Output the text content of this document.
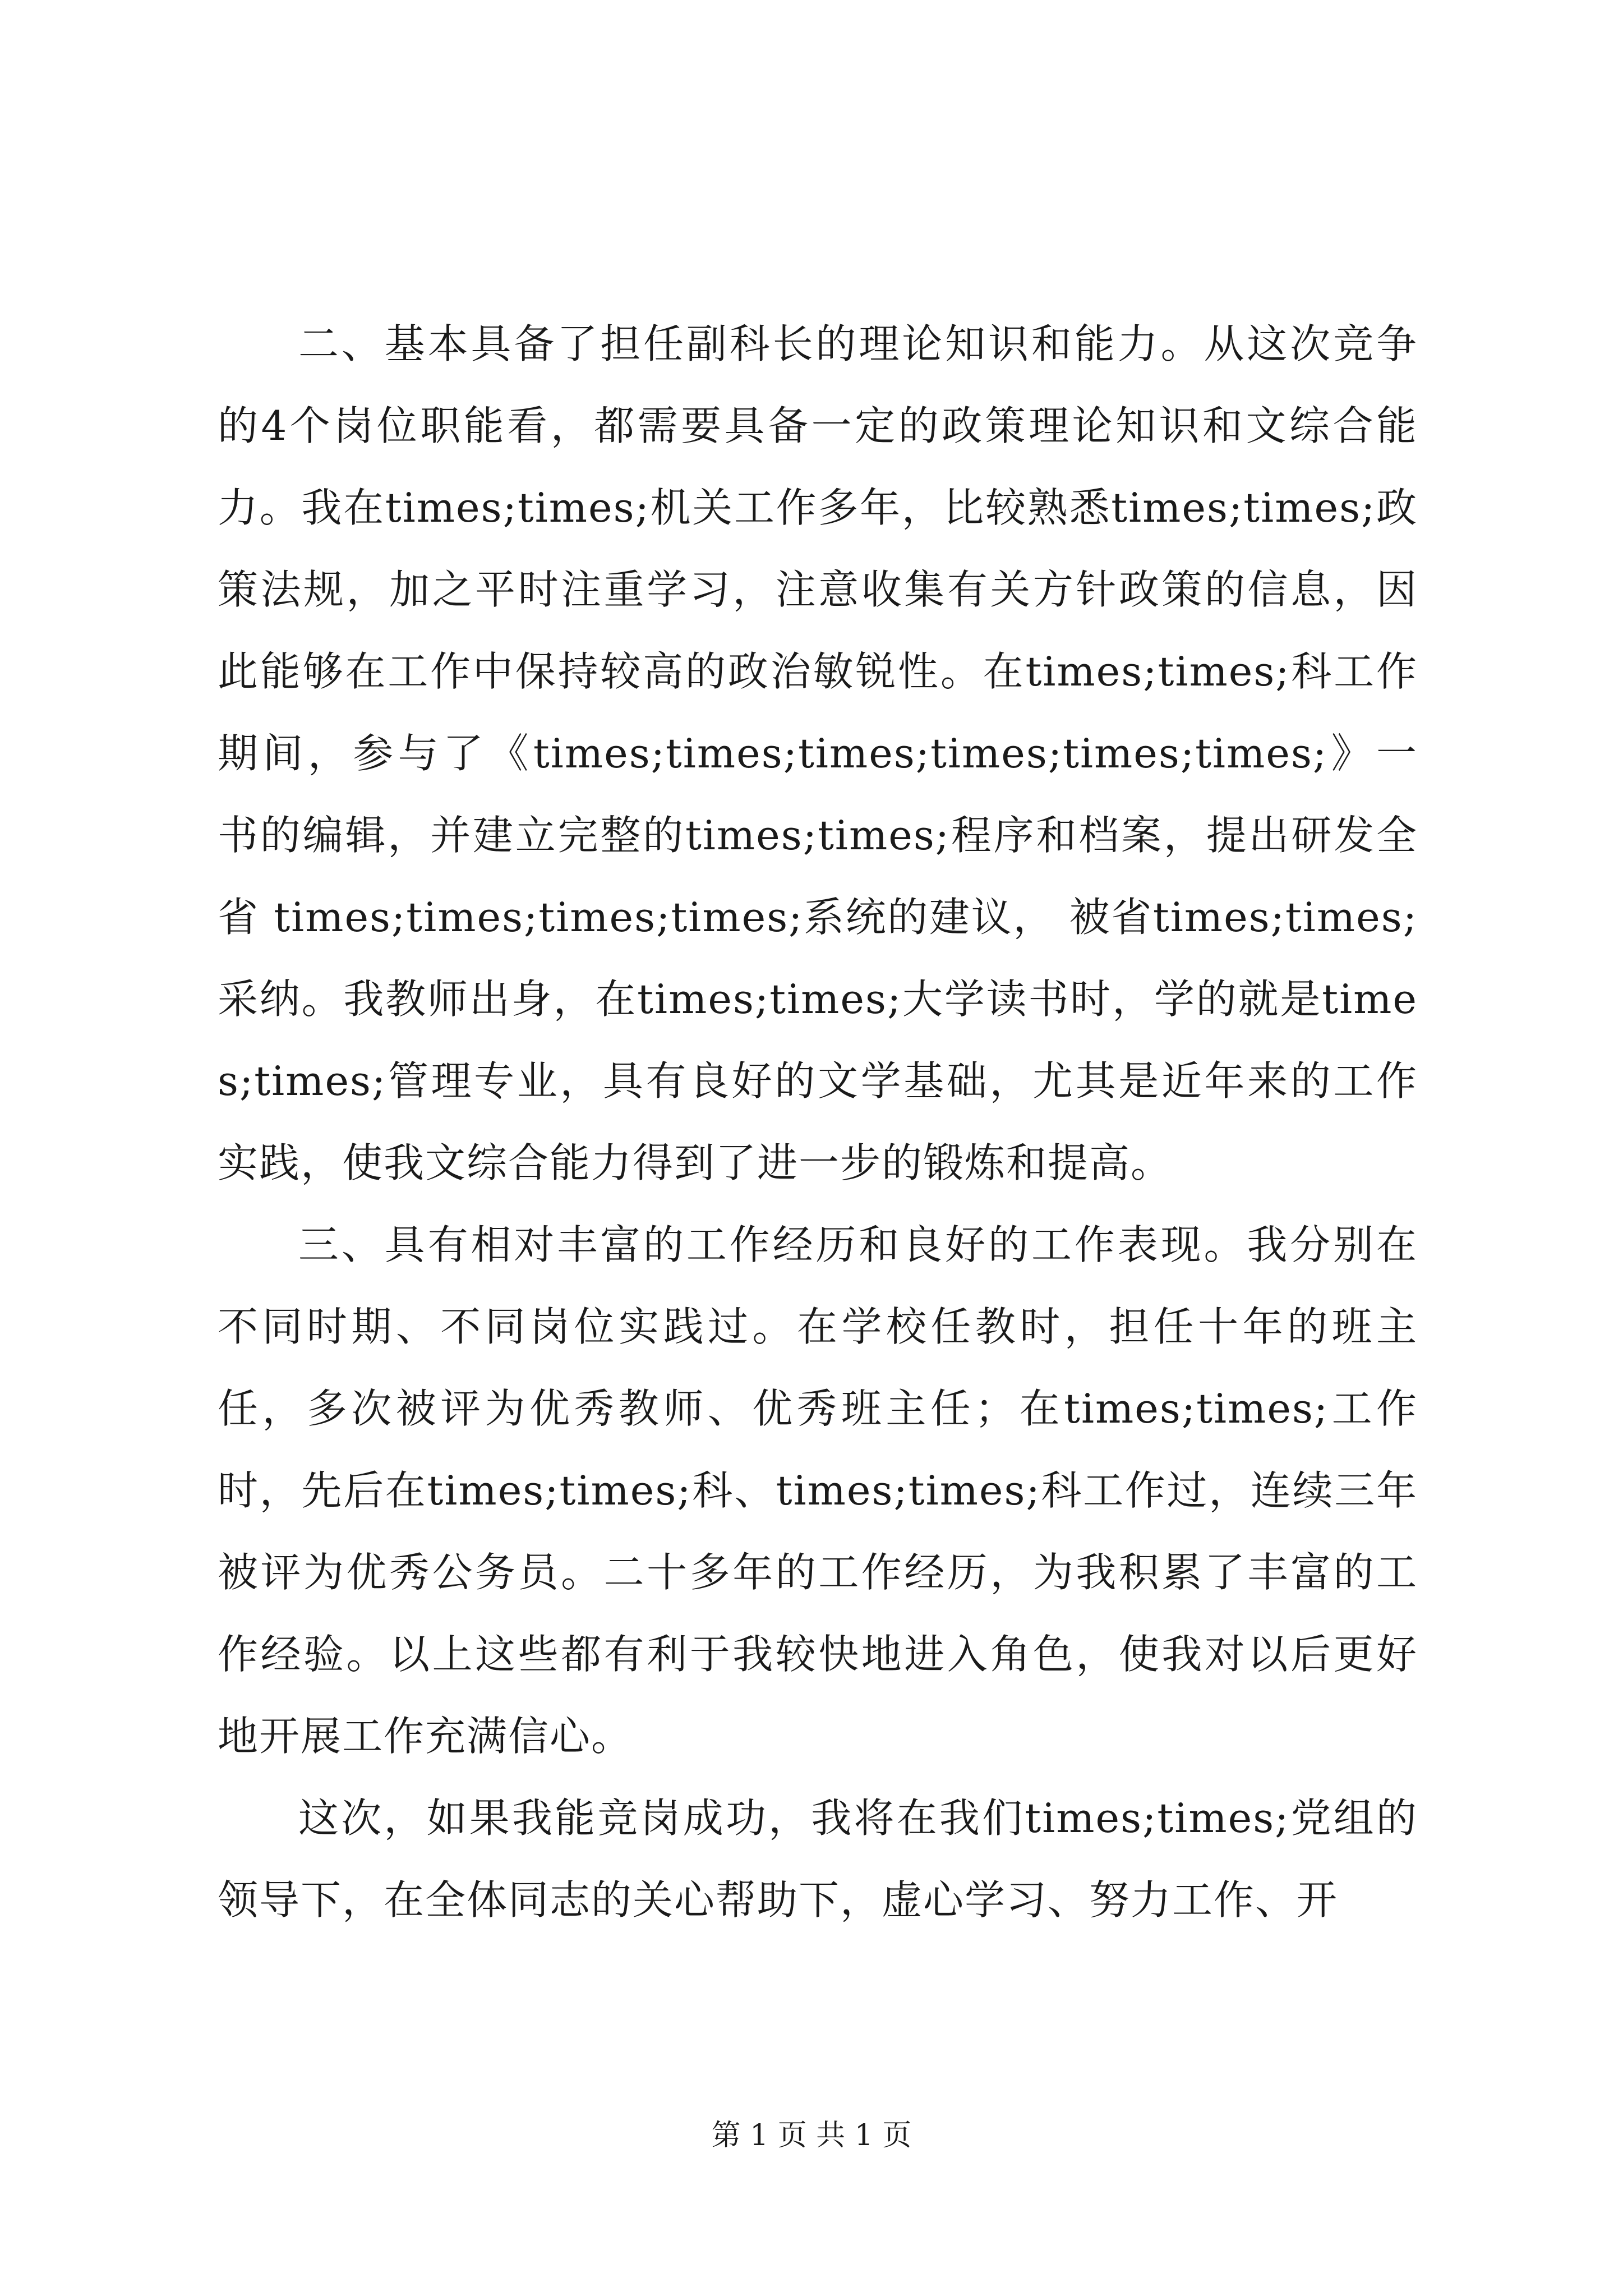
二、基本具备了担任副科长的理论知识和能力。从这次竞争的4个岗位职能看，都需要具备一定的政策理论知识和文综合能力。我在times;times;机关工作多年，比较熟悉times;times;政策法规，加之平时注重学习，注意收集有关方针政策的信息，因此能够在工作中保持较高的政治敏锐性。在times;times;科工作期间，参与了《times;times;times;times;times;times;》一书的编辑，并建立完整的times;times;程序和档案，提出研发全省 times;times;times;times;系统的建议， 被省times;times;采纳。我教师出身，在times;times;大学读书时，学的就是times;times;管理专业，具有良好的文学基础，尤其是近年来的工作实践，使我文综合能力得到了进一步的锻炼和提高。

三、具有相对丰富的工作经历和良好的工作表现。我分别在不同时期、不同岗位实践过。在学校任教时，担任十年的班主任，多次被评为优秀教师、优秀班主任；在times;times;工作时，先后在times;times;科、times;times;科工作过，连续三年被评为优秀公务员。二十多年的工作经历，为我积累了丰富的工作经验。以上这些都有利于我较快地进入角色，使我对以后更好地开展工作充满信心。

这次，如果我能竞岗成功，我将在我们times;times;党组的领导下，在全体同志的关心帮助下，虚心学习、努力工作、开

第 1 页 共 1 页
